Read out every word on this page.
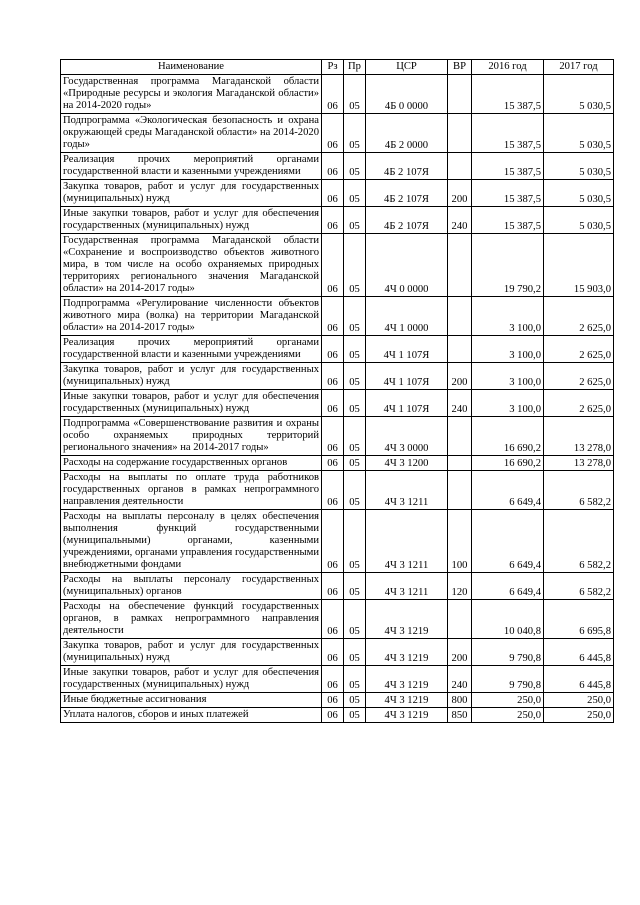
Наименование	Рз	Пр	ЦСР	ВР	2016 год	2017 год
Государственная программа Магаданской области «Природные ресурсы и экология Магаданской области» на 2014-2020 годы»	06	05	4Б 0 0000		15 387,5	5 030,5
Подпрограмма «Экологическая безопасность и охрана окружающей среды Магаданской области» на 2014-2020 годы»	06	05	4Б 2 0000		15 387,5	5 030,5
Реализация прочих мероприятий органами государственной власти и казенными учреждениями	06	05	4Б 2 107Я		15 387,5	5 030,5
Закупка товаров, работ и услуг для государственных (муниципальных) нужд	06	05	4Б 2 107Я	200	15 387,5	5 030,5
Иные закупки товаров, работ и услуг для обеспечения государственных (муниципальных) нужд	06	05	4Б 2 107Я	240	15 387,5	5 030,5
Государственная программа Магаданской области «Сохранение и воспроизводство объектов животного мира, в том числе на особо охраняемых природных территориях регионального значения Магаданской области» на 2014-2017 годы»	06	05	4Ч 0 0000		19 790,2	15 903,0
Подпрограмма «Регулирование численности объектов животного мира (волка) на территории Магаданской области» на 2014-2017 годы»	06	05	4Ч 1 0000		3 100,0	2 625,0
Реализация прочих мероприятий органами государственной власти и казенными учреждениями	06	05	4Ч 1 107Я		3 100,0	2 625,0
Закупка товаров, работ и услуг для государственных (муниципальных) нужд	06	05	4Ч 1 107Я	200	3 100,0	2 625,0
Иные закупки товаров, работ и услуг для обеспечения государственных (муниципальных) нужд	06	05	4Ч 1 107Я	240	3 100,0	2 625,0
Подпрограмма «Совершенствование развития и охраны особо охраняемых природных территорий регионального значения» на 2014-2017 годы»	06	05	4Ч 3 0000		16 690,2	13 278,0
Расходы на содержание государственных органов	06	05	4Ч 3 1200		16 690,2	13 278,0
Расходы на выплаты по оплате труда работников государственных органов в рамках непрограммного направления деятельности	06	05	4Ч 3 1211		6 649,4	6 582,2
Расходы на выплаты персоналу в целях обеспечения выполнения функций государственными (муниципальными) органами, казенными учреждениями, органами управления государственными внебюджетными фондами	06	05	4Ч 3 1211	100	6 649,4	6 582,2
Расходы на выплаты персоналу государственных (муниципальных) органов	06	05	4Ч 3 1211	120	6 649,4	6 582,2
Расходы на обеспечение функций государственных органов, в рамках непрограммного направления деятельности	06	05	4Ч 3 1219		10 040,8	6 695,8
Закупка товаров, работ и услуг для государственных (муниципальных) нужд	06	05	4Ч 3 1219	200	9 790,8	6 445,8
Иные закупки товаров, работ и услуг для обеспечения государственных (муниципальных) нужд	06	05	4Ч 3 1219	240	9 790,8	6 445,8
Иные бюджетные ассигнования	06	05	4Ч 3 1219	800	250,0	250,0
Уплата налогов, сборов и иных платежей	06	05	4Ч 3 1219	850	250,0	250,0
